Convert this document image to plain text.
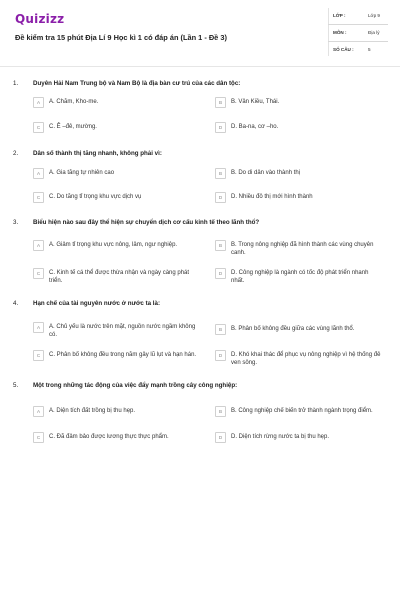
Quizizz
Đề kiểm tra 15 phút Địa Lí 9 Học kì 1 có đáp án (Lần 1 - Đề 3)
LỚP :	Lớp 9
MÔN :	Địa lý
SỐ CÂU :	5
1. Duyên Hải Nam Trung bộ và Nam Bộ là địa bàn cư trú của các dân tộc:
A	A. Chăm, Kho-me.	B	B. Vân Kiều, Thái.
C	C. Ê –đê, mường.	D	D. Ba-na, cơ –ho.
2. Dân số thành thị tăng nhanh, không phải vì:
A	A. Gia tăng tự nhiên cao	B	B. Do di dân vào thành thị
C	C. Do tăng tỉ trọng khu vực dịch vụ	D	D. Nhiều đô thị mới hình thành
3. Biểu hiện nào sau đây thể hiện sự chuyển dịch cơ cấu kinh tế theo lãnh thổ?
A	A. Giảm tỉ trọng khu vực nông, lâm, ngư nghiệp.	B	B. Trong nông nghiệp đã hình thành các vùng chuyên canh.
C	C. Kinh tế cá thể được thừa nhận và ngày càng phát triển.
D	D. Công nghiệp là ngành có tốc độ phát triển nhanh nhất.
4. Hạn chế của tài nguyên nước ở nước ta là:
A	A. Chủ yếu là nước trên mặt, nguồn nước ngầm không có.
B	B. Phân bố không đều giữa các vùng lãnh thổ.
C	C. Phân bố không đều trong năm gây lũ lụt và hạn hán.	D	D. Khó khai thác để phục vụ nông nghiệp vì hệ thống đê ven sông.
5. Một trong những tác động của việc đẩy mạnh trồng cây công nghiệp:
A	A. Diện tích đất trồng bị thu hẹp.	B	B. Công nghiệp chế biến trở thành ngành trọng điểm.
C	C. Đã đảm bảo được lương thực thực phẩm.	D	D. Diện tích rừng nước ta bị thu hẹp.
